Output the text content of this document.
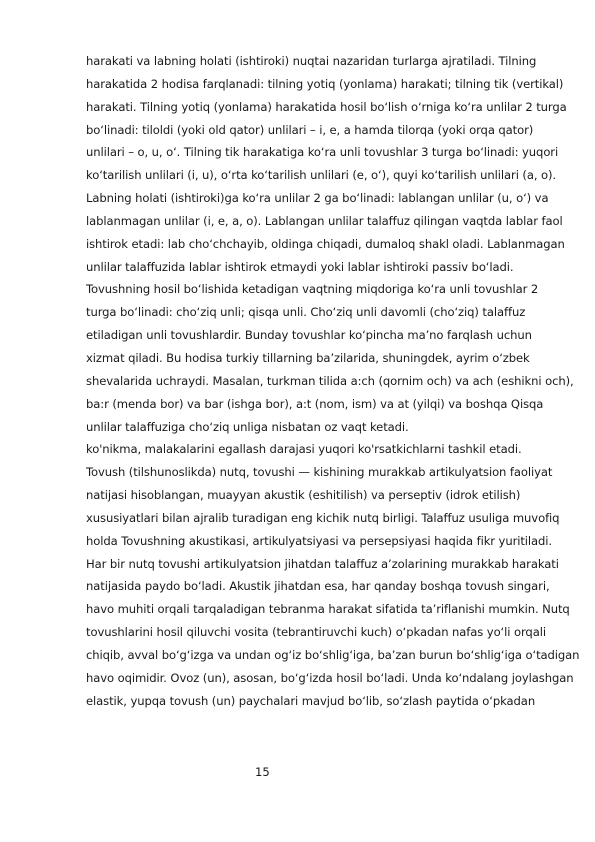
harakati va labning holati (ishtiroki) nuqtai nazaridan turlarga ajratiladi. Tilning
harakatida 2 hodisa farqlanadi: tilning yotiq (yonlama) harakati; tilning tik (vertikal)
harakati. Tilning yotiq (yonlama) harakatida hosil bo‘lish o‘rniga ko‘ra unlilar 2 turga
bo‘linadi: tiloldi (yoki old qator) unlilari – i, e, a hamda tilorqa (yoki orqa qator)
unlilari – o, u, o‘. Tilning tik harakatiga ko‘ra unli tovushlar 3 turga bo‘linadi: yuqori
ko‘tarilish unlilari (i, u), o‘rta ko‘tarilish unlilari (e, o‘), quyi ko‘tarilish unlilari (a, o).
Labning holati (ishtiroki)ga ko‘ra unlilar 2 ga bo‘linadi: lablangan unlilar (u, o‘) va
lablanmagan unlilar (i, e, a, o). Lablangan unlilar talaffuz qilingan vaqtda lablar faol
ishtirok etadi: lab cho‘chchayib, oldinga chiqadi, dumaloq shakl oladi. Lablanmagan
unlilar talaffuzida lablar ishtirok etmaydi yoki lablar ishtiroki passiv bo‘ladi.
Tovushning hosil bo‘lishida ketadigan vaqtning miqdoriga ko‘ra unli tovushlar 2
turga bo‘linadi: cho‘ziq unli; qisqa unli. Cho‘ziq unli davomli (cho‘ziq) talaffuz
etiladigan unli tovushlardir. Bunday tovushlar ko‘pincha ma’no farqlash uchun
xizmat qiladi. Bu hodisa turkiy tillarning ba’zilarida, shuningdek, ayrim o‘zbek
shevalarida uchraydi. Masalan, turkman tilida a:ch (qornim och) va ach (eshikni och),
ba:r (menda bor) va bar (ishga bor), a:t (nom, ism) va at (yilqi) va boshqa Qisqa
unlilar talaffuziga cho‘ziq unliga nisbatan oz vaqt ketadi.
ko'nikma, malakalarini egallash darajasi yuqori ko'rsatkichlarni tashkil etadi.
Tovush (tilshunoslikda) nutq, tovushi — kishining murakkab artikulyatsion faoliyat
natijasi hisoblangan, muayyan akustik (eshitilish) va perseptiv (idrok etilish)
xususiyatlari bilan ajralib turadigan eng kichik nutq birligi. Talaffuz usuliga muvofiq
holda Tovushning akustikasi, artikulyatsiyasi va persepsiyasi haqida fikr yuritiladi.
Har bir nutq tovushi artikulyatsion jihatdan talaffuz a’zolarining murakkab harakati
natijasida paydo bo‘ladi. Akustik jihatdan esa, har qanday boshqa tovush singari,
havo muhiti orqali tarqaladigan tebranma harakat sifatida ta’riflanishi mumkin. Nutq
tovushlarini hosil qiluvchi vosita (tebrantiruvchi kuch) o‘pkadan nafas yo‘li orqali
chiqib, avval bo‘g‘izga va undan og‘iz bo‘shlig‘iga, ba’zan burun bo‘shlig‘iga o‘tadigan
havo oqimidir. Ovoz (un), asosan, bo‘g‘izda hosil bo‘ladi. Unda ko‘ndalang joylashgan
elastik, yupqa tovush (un) paychalari mavjud bo‘lib, so‘zlash paytida o‘pkadan
15
